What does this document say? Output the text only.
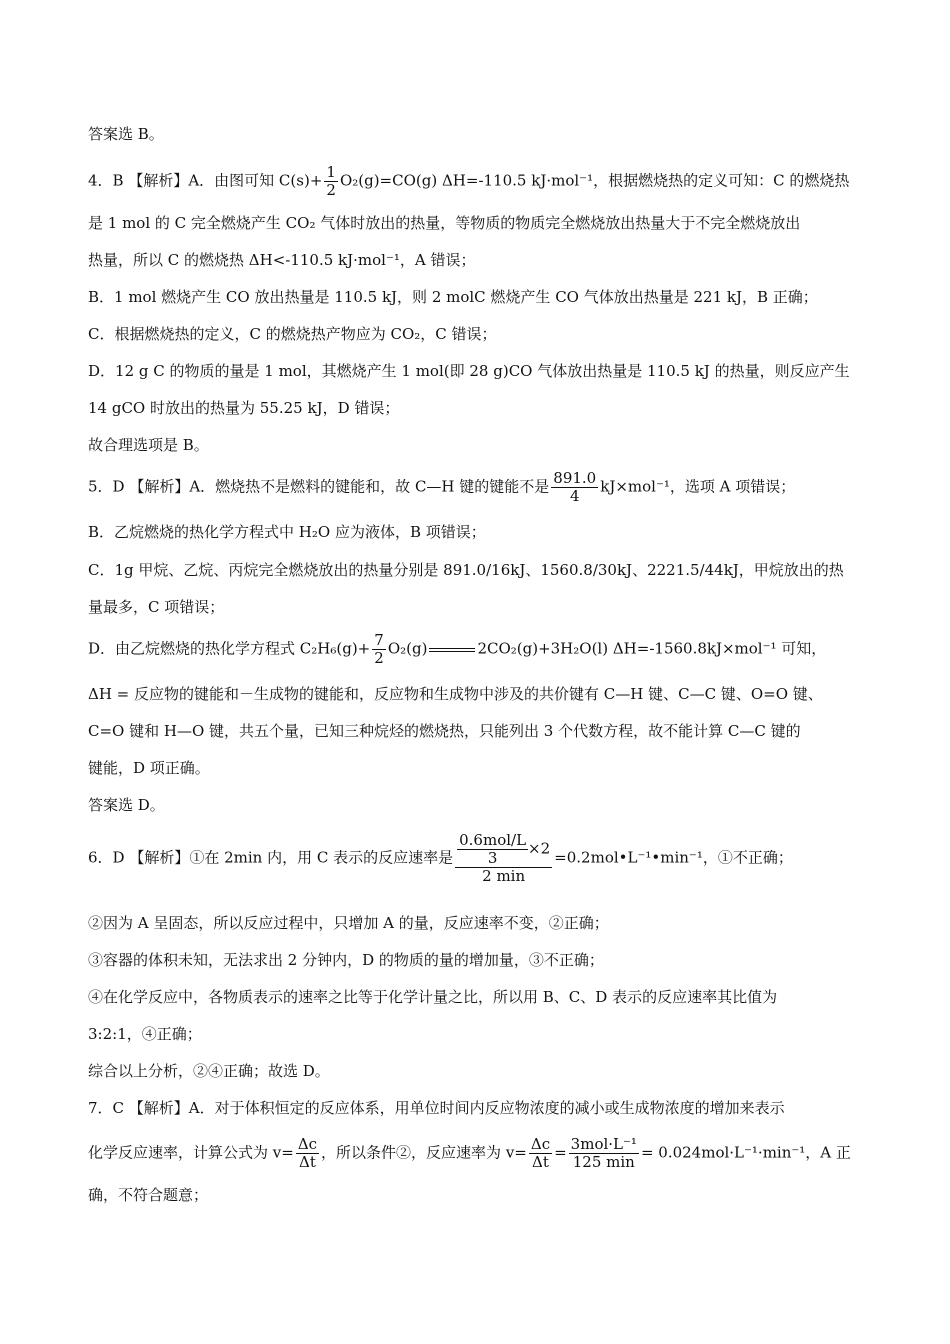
答案选 B。
4．B 【解析】A．由图可知 $C(s)+ \frac{1}{2} O_2(g)=CO(g)$ ΔH=-110.5 kJ·mol⁻¹，根据燃烧热的定义可知：C 的燃烧热
是 1 mol 的 C 完全燃烧产生 CO₂ 气体时放出的热量，等物质的物质完全燃烧放出热量大于不完全燃烧放出
热量，所以 C 的燃烧热 ΔH<-110.5 kJ·mol⁻¹，A 错误；
B．1 mol 燃烧产生 CO 放出热量是 110.5 kJ，则 2 molC 燃烧产生 CO 气体放出热量是 221 kJ，B 正确；
C．根据燃烧热的定义，C 的燃烧热产物应为 CO₂，C 错误；
D．12 g C 的物质的量是 1 mol，其燃烧产生 1 mol(即 28 g)CO 气体放出热量是 110.5 kJ 的热量，则反应产生
14 gCO 时放出的热量为 55.25 kJ，D 错误；
故合理选项是 B。
5．D 【解析】A．燃烧热不是燃料的键能和，故 C—H 键的键能不是 $\frac{891.0}{4} kJ\times mol^{-1}$，选项 A 项错误；
B．乙烷燃烧的热化学方程式中 H₂O 应为液体，B 项错误；
C．1g 甲烷、乙烷、丙烷完全燃烧放出的热量分别是 891.0/16kJ、1560.8/30kJ、2221.5/44kJ，甲烷放出的热
量最多，C 项错误；
D．由乙烷燃烧的热化学方程式 $C_2H_6(g)+ \frac{7}{2} O_2(g)$	2CO₂(g)+3H₂O(l) ΔH=-1560.8kJ×mol⁻¹ 可知，
ΔH = 反应物的键能和－生成物的键能和，反应物和生成物中涉及的共价键有 C—H 键、C—C 键、O=O 键、
C=O 键和 H—O 键，共五个量，已知三种烷烃的燃烧热，只能列出 3 个代数方程，故不能计算 C—C 键的
键能，D 项正确。
答案选 D。
6．D 【解析】①在 2min 内，用 C 表示的反应速率是 $\frac{\frac{\text{0.6mol/L}}{3} \times 2}{2 \min}$ =0.2mol•L⁻¹•min⁻¹，①不正确；
②因为 A 呈固态，所以反应过程中，只增加 A 的量，反应速率不变，②正确；
③容器的体积未知，无法求出 2 分钟内，D 的物质的量的增加量，③不正确；
④在化学反应中，各物质表示的速率之比等于化学计量之比，所以用 B、C、D 表示的反应速率其比值为
3:2:1，④正确；
综合以上分析，②④正确；故选 D。
7．C 【解析】A．对于体积恒定的反应体系，用单位时间内反应物浓度的减小或生成物浓度的增加来表示
化学反应速率，计算公式为 $v= \frac{\Delta c}{\Delta t}$ ，所以条件②，反应速率为 $v= \frac{\Delta c}{\Delta t} = \frac{\text{3mol·L⁻¹}}{125 \min} = 0.024mol\cdot L^{-1}\cdot\min^{-1}$，A 正
确，不符合题意；
